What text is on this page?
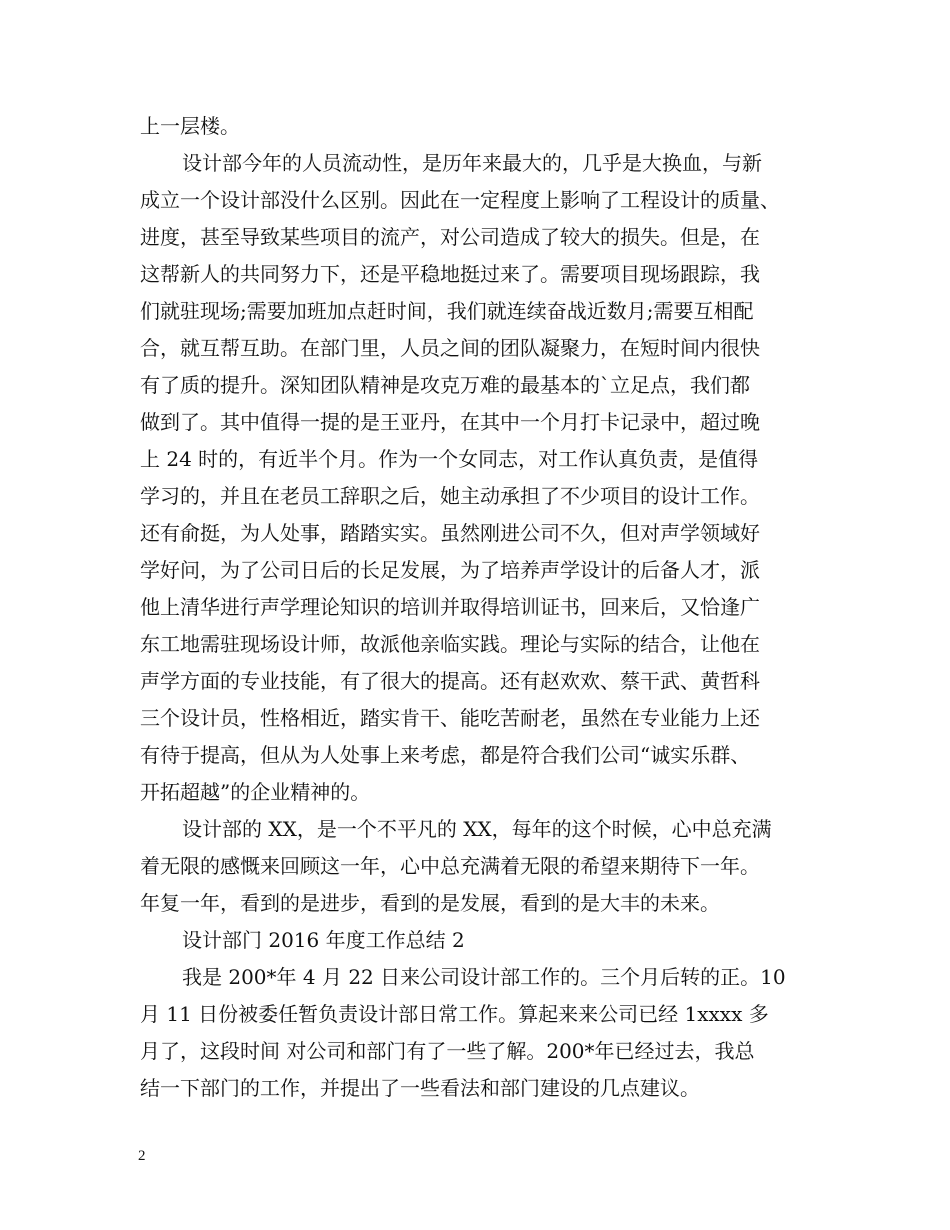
上一层楼。
设计部今年的人员流动性，是历年来最大的，几乎是大换血，与新
成立一个设计部没什么区别。因此在一定程度上影响了工程设计的质量、
进度，甚至导致某些项目的流产，对公司造成了较大的损失。但是，在
这帮新人的共同努力下，还是平稳地挺过来了。需要项目现场跟踪，我
们就驻现场;需要加班加点赶时间，我们就连续奋战近数月;需要互相配
合，就互帮互助。在部门里，人员之间的团队凝聚力，在短时间内很快
有了质的提升。深知团队精神是攻克万难的最基本的`立足点，我们都
做到了。其中值得一提的是王亚丹，在其中一个月打卡记录中，超过晚
上 24 时的，有近半个月。作为一个女同志，对工作认真负责，是值得
学习的，并且在老员工辞职之后，她主动承担了不少项目的设计工作。
还有俞挺，为人处事，踏踏实实。虽然刚进公司不久，但对声学领域好
学好问，为了公司日后的长足发展，为了培养声学设计的后备人才，派
他上清华进行声学理论知识的培训并取得培训证书，回来后，又恰逢广
东工地需驻现场设计师，故派他亲临实践。理论与实际的结合，让他在
声学方面的专业技能，有了很大的提高。还有赵欢欢、蔡干武、黄哲科
三个设计员，性格相近，踏实肯干、能吃苦耐老，虽然在专业能力上还
有待于提高，但从为人处事上来考虑，都是符合我们公司“诚实乐群、
开拓超越”的企业精神的。
设计部的 XX，是一个不平凡的 XX，每年的这个时候，心中总充满
着无限的感慨来回顾这一年，心中总充满着无限的希望来期待下一年。
年复一年，看到的是进步，看到的是发展，看到的是大丰的未来。
设计部门 2016 年度工作总结 2
我是 200*年 4 月 22 日来公司设计部工作的。三个月后转的正。10
月 11 日份被委任暂负责设计部日常工作。算起来来公司已经 1xxxx 多
月了，这段时间 对公司和部门有了一些了解。200*年已经过去，我总
结一下部门的工作，并提出了一些看法和部门建设的几点建议。
2
